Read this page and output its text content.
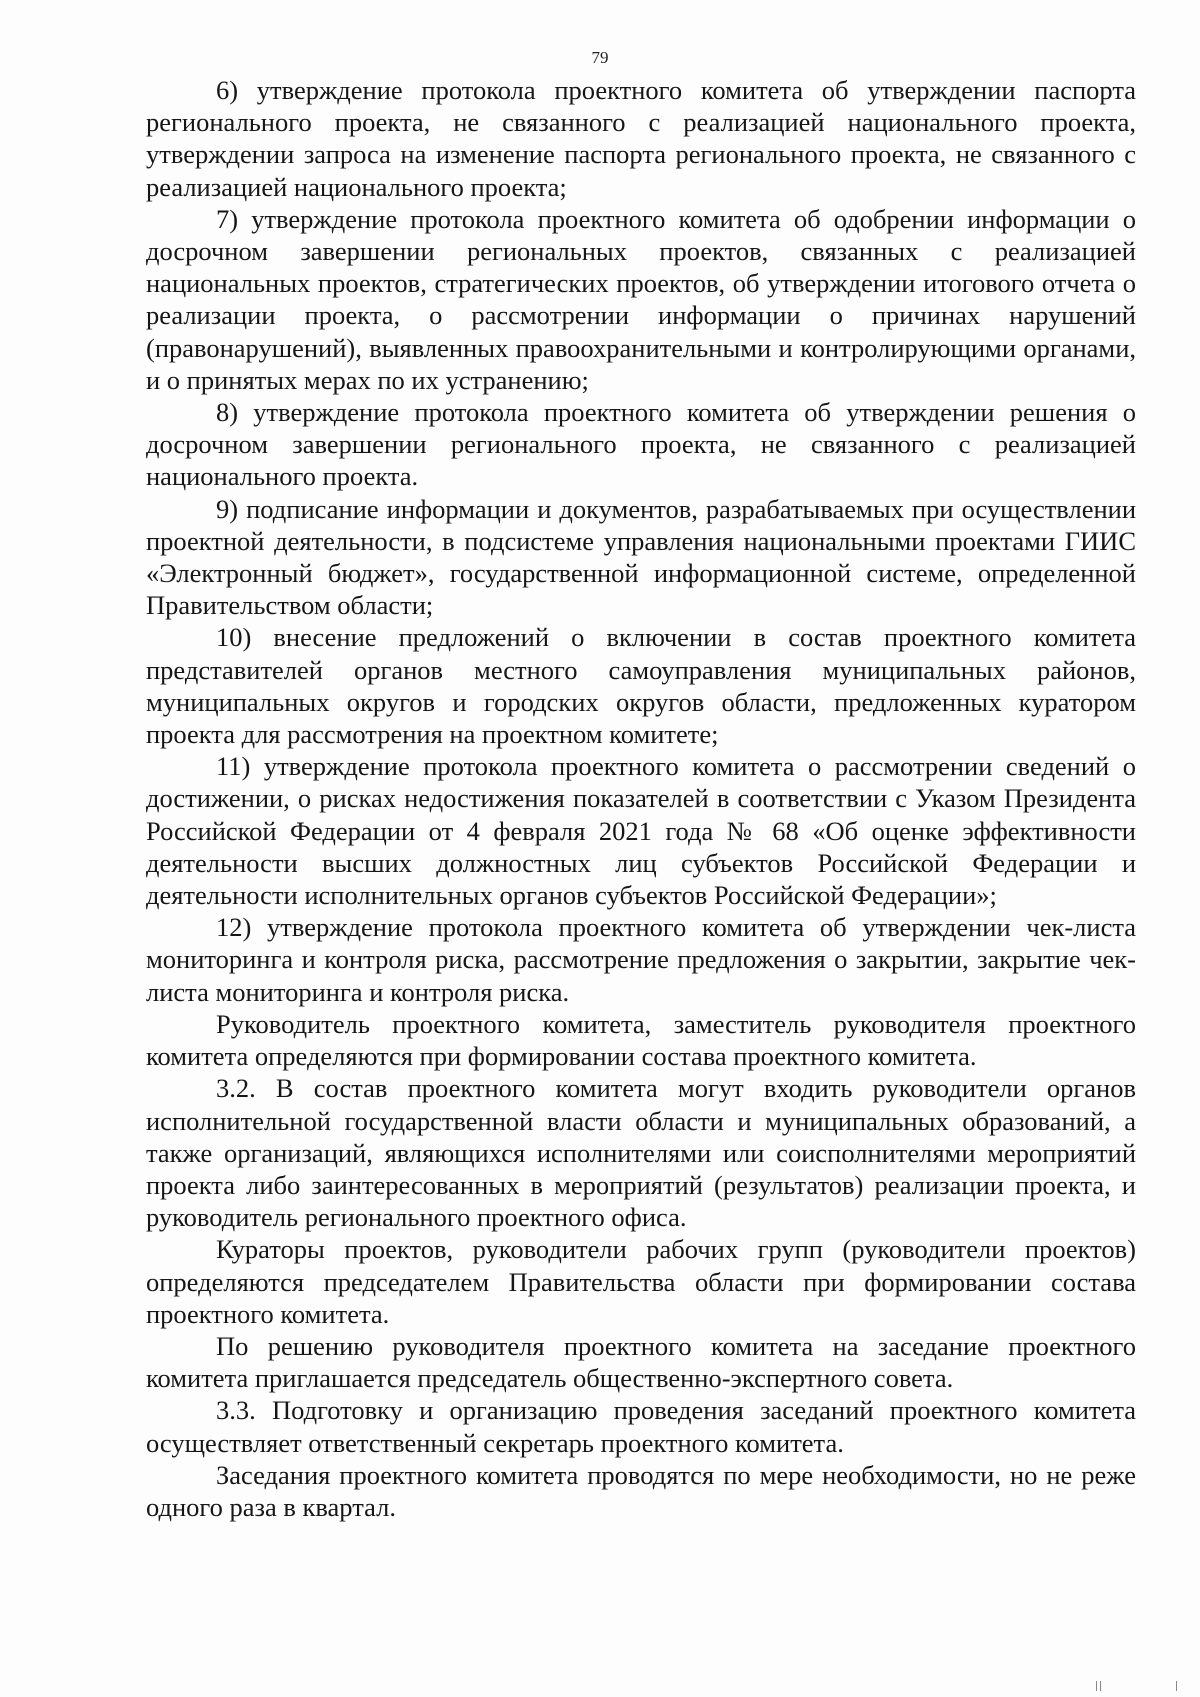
79

6) утверждение протокола проектного комитета об утверждении паспорта регионального проекта, не связанного с реализацией национального проекта, утверждении запроса на изменение паспорта регионального проекта, не связанного с реализацией национального проекта;

7) утверждение протокола проектного комитета об одобрении информации о досрочном завершении региональных проектов, связанных с реализацией национальных проектов, стратегических проектов, об утверждении итогового отчета о реализации проекта, о рассмотрении информации о причинах нарушений (правонарушений), выявленных правоохранительными и контролирующими органами, и о принятых мерах по их устранению;

8) утверждение протокола проектного комитета об утверждении решения о досрочном завершении регионального проекта, не связанного с реализацией национального проекта.

9) подписание информации и документов, разрабатываемых при осуществлении проектной деятельности, в подсистеме управления национальными проектами ГИИС «Электронный бюджет», государственной информационной системе, определенной Правительством области;

10) внесение предложений о включении в состав проектного комитета представителей органов местного самоуправления муниципальных районов, муниципальных округов и городских округов области, предложенных куратором проекта для рассмотрения на проектном комитете;

11) утверждение протокола проектного комитета о рассмотрении сведений о достижении, о рисках недостижения показателей в соответствии с Указом Президента Российской Федерации от 4 февраля 2021 года № 68 «Об оценке эффективности деятельности высших должностных лиц субъектов Российской Федерации и деятельности исполнительных органов субъектов Российской Федерации»;

12) утверждение протокола проектного комитета об утверждении чек-листа мониторинга и контроля риска, рассмотрение предложения о закрытии, закрытие чек-листа мониторинга и контроля риска.

Руководитель проектного комитета, заместитель руководителя проектного комитета определяются при формировании состава проектного комитета.

3.2. В состав проектного комитета могут входить руководители органов исполнительной государственной власти области и муниципальных образований, а также организаций, являющихся исполнителями или соисполнителями мероприятий проекта либо заинтересованных в мероприятий (результатов) реализации проекта, и руководитель регионального проектного офиса.

Кураторы проектов, руководители рабочих групп (руководители проектов) определяются председателем Правительства области при формировании состава проектного комитета.

По решению руководителя проектного комитета на заседание проектного комитета приглашается председатель общественно-экспертного совета.

3.3. Подготовку и организацию проведения заседаний проектного комитета осуществляет ответственный секретарь проектного комитета.

Заседания проектного комитета проводятся по мере необходимости, но не реже одного раза в квартал.
